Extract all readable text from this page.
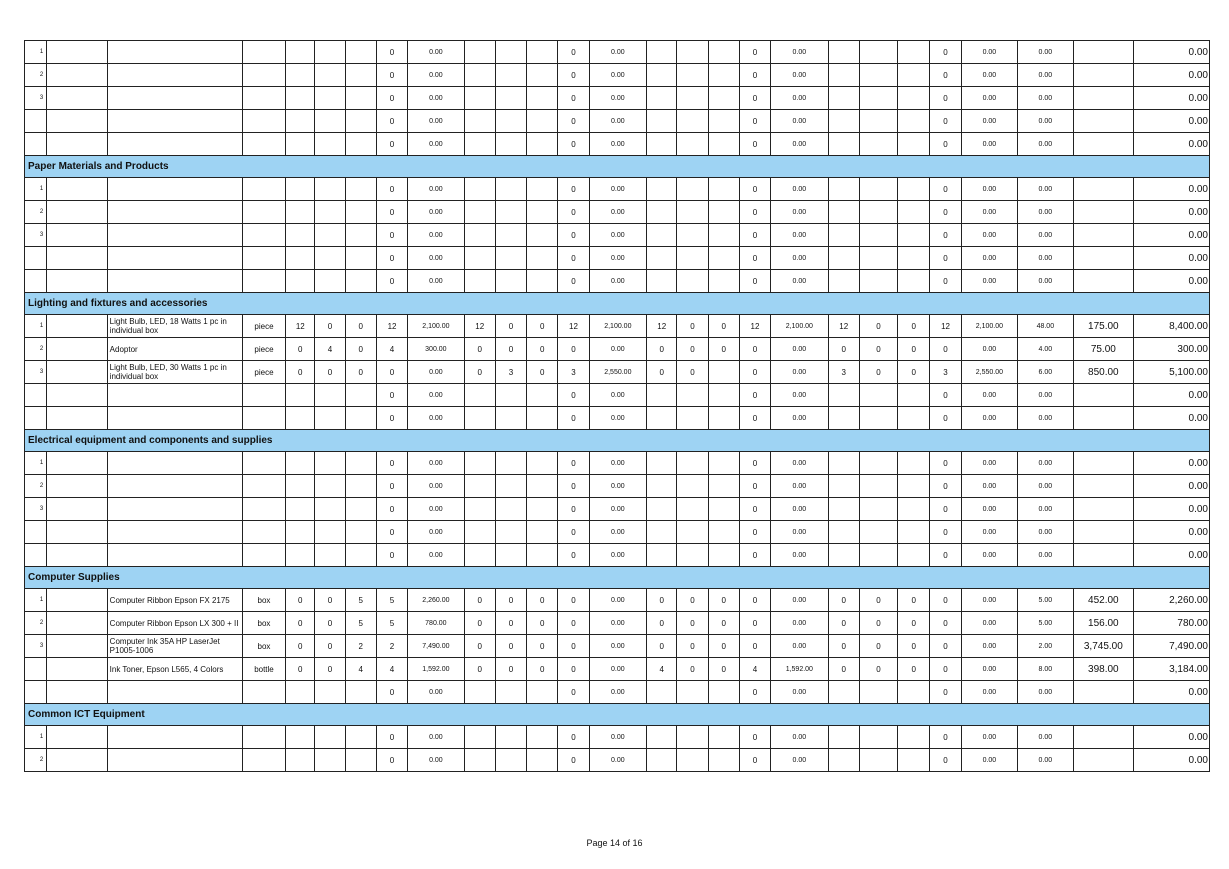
1							0	0.00				0	0.00				0	0.00				0	0.00	0.00		0.00
2							0	0.00				0	0.00				0	0.00				0	0.00	0.00		0.00
3							0	0.00				0	0.00				0	0.00				0	0.00	0.00		0.00
							0	0.00				0	0.00				0	0.00				0	0.00	0.00		0.00
							0	0.00				0	0.00				0	0.00				0	0.00	0.00		0.00
Paper Materials and Products																										
1							0	0.00				0	0.00				0	0.00				0	0.00	0.00		0.00
2							0	0.00				0	0.00				0	0.00				0	0.00	0.00		0.00
3							0	0.00				0	0.00				0	0.00				0	0.00	0.00		0.00
							0	0.00				0	0.00				0	0.00				0	0.00	0.00		0.00
							0	0.00				0	0.00				0	0.00				0	0.00	0.00		0.00
Lighting and fixtures and accessories																										
1		Light Bulb, LED, 18 Watts 1 pc in individual box	piece	12	0	0	12	2,100.00	12	0	0	12	2,100.00	12	0	0	12	2,100.00	12	0	0	12	2,100.00	48.00	175.00	8,400.00
2		Adoptor	piece	0	4	0	4	300.00	0	0	0	0	0.00	0	0	0	0	0.00	0	0	0	0	0.00	4.00	75.00	300.00
3		Light Bulb, LED, 30 Watts 1 pc in individual box	piece	0	0	0	0	0.00	0	3	0	3	2,550.00	0	0		0	0.00	3	0	0	3	2,550.00	6.00	850.00	5,100.00
							0	0.00				0	0.00				0	0.00				0	0.00	0.00		0.00
							0	0.00				0	0.00				0	0.00				0	0.00	0.00		0.00
Electrical equipment and components and supplies																										
1							0	0.00				0	0.00				0	0.00				0	0.00	0.00		0.00
2							0	0.00				0	0.00				0	0.00				0	0.00	0.00		0.00
3							0	0.00				0	0.00				0	0.00				0	0.00	0.00		0.00
							0	0.00				0	0.00				0	0.00				0	0.00	0.00		0.00
							0	0.00				0	0.00				0	0.00				0	0.00	0.00		0.00
Computer Supplies																										
1		Computer Ribbon Epson FX 2175	box	0	0	5	5	2,260.00	0	0	0	0	0.00	0	0	0	0	0.00	0	0	0	0	0.00	5.00	452.00	2,260.00
2		Computer Ribbon Epson LX 300 + II	box	0	0	5	5	780.00	0	0	0	0	0.00	0	0	0	0	0.00	0	0	0	0	0.00	5.00	156.00	780.00
3		Computer Ink 35A HP LaserJet P1005-1006	box	0	0	2	2	7,490.00	0	0	0	0	0.00	0	0	0	0	0.00	0	0	0	0	0.00	2.00	3,745.00	7,490.00
		Ink Toner, Epson L565, 4 Colors	bottle	0	0	4	4	1,592.00	0	0	0	0	0.00	4	0	0	4	1,592.00	0	0	0	0	0.00	8.00	398.00	3,184.00
							0	0.00				0	0.00				0	0.00				0	0.00	0.00		0.00
Common ICT Equipment																										
1							0	0.00				0	0.00				0	0.00				0	0.00	0.00		0.00
2							0	0.00				0	0.00				0	0.00				0	0.00	0.00		0.00
Page 14 of 16
